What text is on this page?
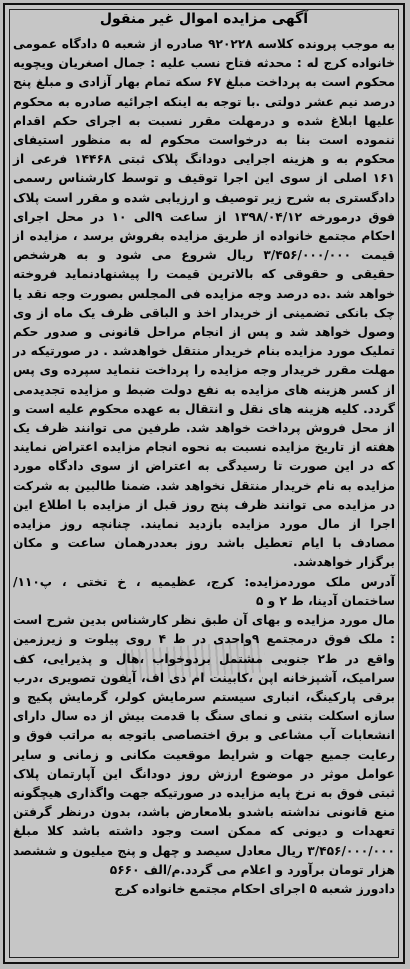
آگهی مزایده اموال غیر منقول

به موجب پرونده کلاسه ۹۲۰۲۲۸ صادره از شعبه ۵ دادگاه عمومی خانواده کرج له : محدثه فتاح نسب علیه : جمال اصغریان ویچویه محکوم است به پرداخت مبلغ ۶۷ سکه تمام بهار آزادی و مبلغ پنج درصد نیم عشر دولتی .با توجه به اینکه اجرائیه صادره به محکوم علیها ابلاغ شده و درمهلت مقرر نسبت به اجرای حکم اقدام ننموده است بنا به درخواست محکوم له به منظور استیفای محکوم به و هزینه اجرایی دودانگ پلاک ثبتی ۱۴۴۶۸ فرعی از ۱۶۱ اصلی از سوی این اجرا توقیف و توسط کارشناس رسمی دادگستری به شرح زیر توصیف و ارزیابی شده و مقرر است پلاک فوق درمورخه ۱۳۹۸/۰۴/۱۲ از ساعت ۹الی ۱۰ در محل اجرای احکام مجتمع خانواده از طریق مزایده بفروش برسد ، مزایده از قیمت ۳/۴۵۶/۰۰۰/۰۰۰ ریال شروع می شود و به هرشخص حقیقی و حقوقی که بالاترین قیمت را پیشنهادنماید فروخته خواهد شد .ده درصد وجه مزایده فی المجلس بصورت وجه نقد یا چک بانکی تضمینی از خریدار اخذ و الباقی ظرف یک ماه از وی وصول خواهد شد و پس از انجام مراحل قانونی و صدور حکم تملیک مورد مزایده بنام خریدار منتقل خواهدشد . در صورتیکه در مهلت مقرر خریدار وجه مزایده را پرداخت ننماید سپرده وی پس از کسر هزینه های مزایده به نفع دولت ضبط و مزایده تجدیدمی گردد. کلیه هزینه های نقل و انتقال به عهده محکوم علیه است و از محل فروش پرداخت خواهد شد. طرفین می توانند ظرف یک هفته از تاریخ مزایده نسبت به نحوه انجام مزایده اعتراض نمایند که در این صورت تا رسیدگی به اعتراض از سوی دادگاه مورد مزایده به نام خریدار منتقل نخواهد شد. ضمنا طالبین به شرکت در مزایده می توانند ظرف پنج روز قبل از مزایده با اطلاع این اجرا از مال مورد مزایده بازدید نمایند. چنانچه روز مزایده مصادف با ایام تعطیل باشد روز بعددرهمان ساعت و مکان برگزار خواهدشد.

آدرس ملک موردمزایده: کرج، عظیمیه ، خ تختی ، پ۱۱۰/ ساختمان آدینا، ط ۲ و ۵

مال مورد مزایده و بهای آن طبق نظر کارشناس بدین شرح است : ملک فوق درمجتمع ۹واحدی در ط ۴ روی پیلوت و زیرزمین واقع در ط۲ جنوبی مشتمل بردوخواب ،هال و پذیرایی، کف سرامیک، آشپزخانه اپن ،کابینت ام دی اف، آیفون تصویری ،درب برقی پارکینگ، انباری سیستم سرمایش کولر، گرمایش پکیج و سازه اسکلت بتنی و نمای سنگ با قدمت بیش از ده سال دارای انشعابات آب مشاعی و برق اختصاصی باتوجه به مراتب فوق و رعایت جمیع جهات و شرایط موقعیت مکانی و زمانی و سایر عوامل موثر در موضوع ارزش روز دودانگ این آپارتمان پلاک ثبتی فوق به نرخ پایه مزایده در صورتیکه جهت واگذاری هیچگونه منع قانونی نداشته باشدو بلامعارض باشد، بدون درنظر گرفتن تعهدات و دیونی که ممکن است وجود داشته باشد کلا مبلغ ۳/۴۵۶/۰۰۰/۰۰۰ ریال معادل سیصد و چهل و پنج میلیون و ششصد هزار تومان برآورد و اعلام می گردد.م/الف ۵۶۶۰

دادورز شعبه ۵ اجرای احکام مجتمع خانواده کرج
